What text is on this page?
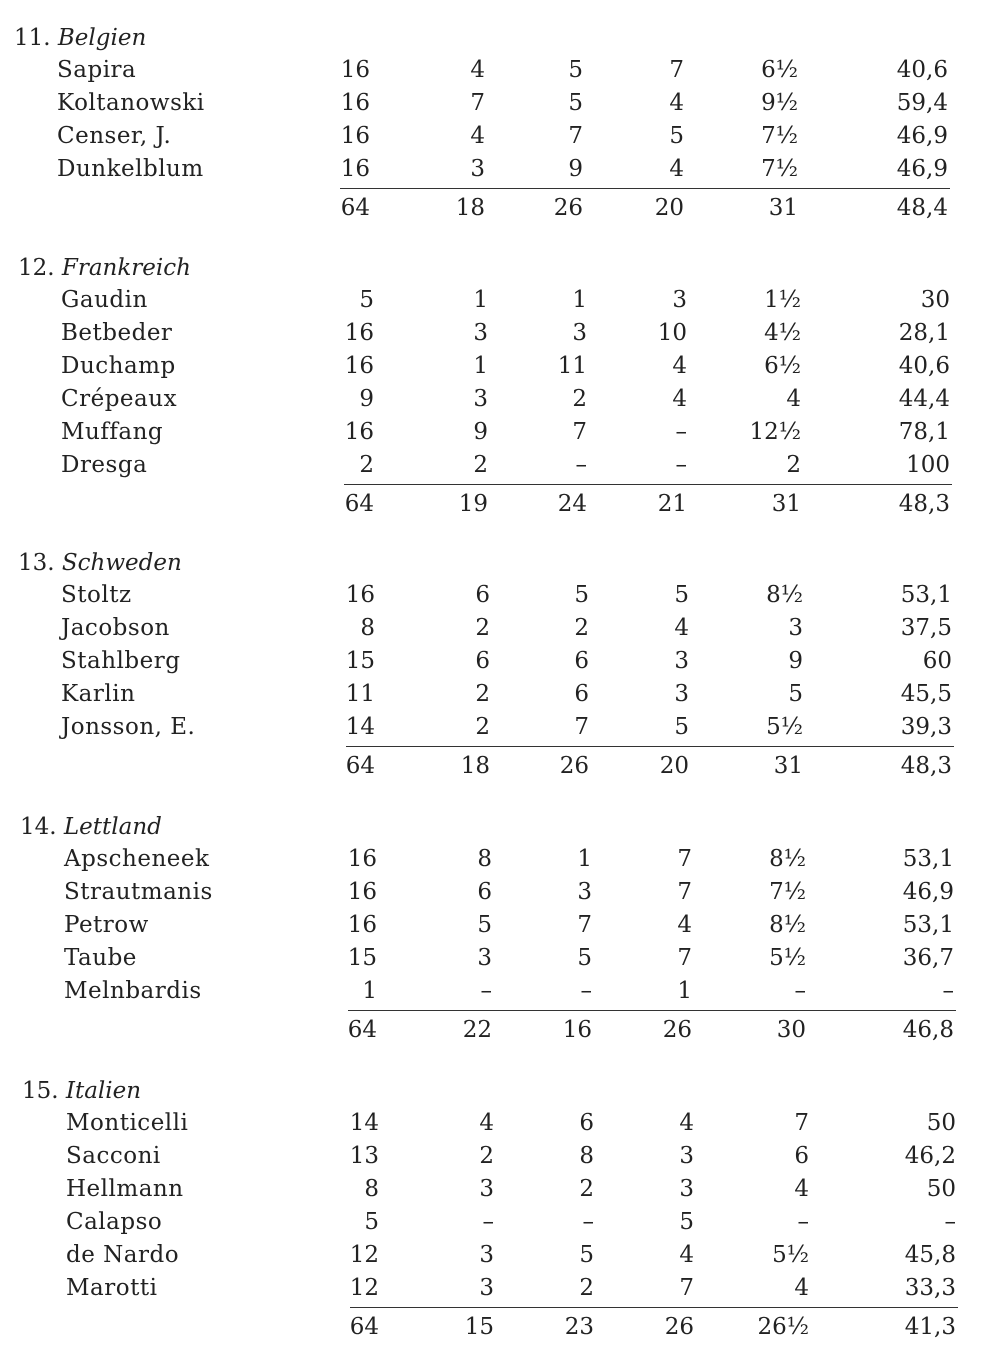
11. Belgien
Sapira	16	4	5	7	6½	40,6
Koltanowski	16	7	5	4	9½	59,4
Censer, J.	16	4	7	5	7½	46,9
Dunkelblum	16	3	9	4	7½	46,9
64	18	26	20	31	48,4
12. Frankreich
Gaudin	5	1	1	3	1½	30
Betbeder	16	3	3	10	4½	28,1
Duchamp	16	1	11	4	6½	40,6
Crépeaux	9	3	2	4	4	44,4
Muffang	16	9	7	–	12½	78,1
Dresga	2	2	–	–	2	100
64	19	24	21	31	48,3
13. Schweden
Stoltz	16	6	5	5	8½	53,1
Jacobson	8	2	2	4	3	37,5
Stahlberg	15	6	6	3	9	60
Karlin	11	2	6	3	5	45,5
Jonsson, E.	14	2	7	5	5½	39,3
64	18	26	20	31	48,3
14. Lettland
Apscheneek	16	8	1	7	8½	53,1
Strautmanis	16	6	3	7	7½	46,9
Petrow	16	5	7	4	8½	53,1
Taube	15	3	5	7	5½	36,7
Melnbardis	1	–	–	1	–	–
64	22	16	26	30	46,8
15. Italien
Monticelli	14	4	6	4	7	50
Sacconi	13	2	8	3	6	46,2
Hellmann	8	3	2	3	4	50
Calapso	5	–	–	5	–	–
de Nardo	12	3	5	4	5½	45,8
Marotti	12	3	2	7	4	33,3
64	15	23	26	26½	41,3
